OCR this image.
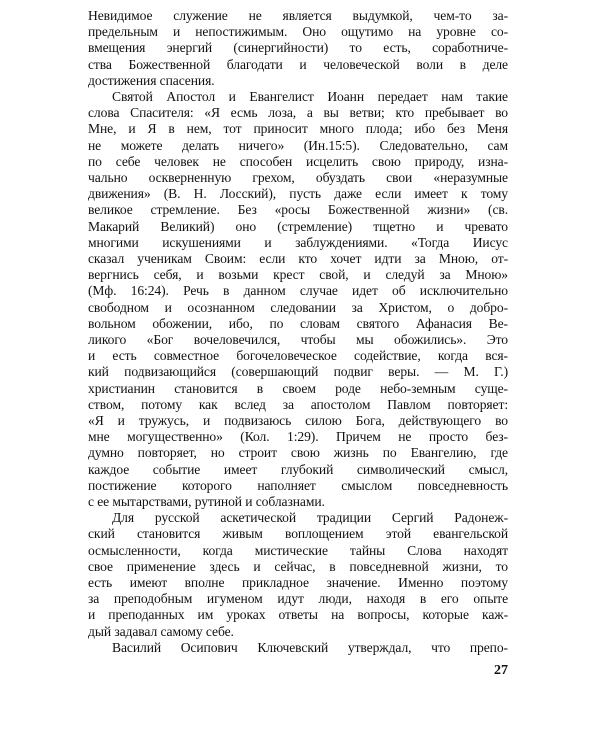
Невидимое служение не является выдумкой, чем-то за-
предельным и непостижимым. Оно ощутимо на уровне со-
вмещения энергий (синергийности) то есть, соработниче-
ства Божественной благодати и человеческой воли в деле
достижения спасения.
Святой Апостол и Евангелист Иоанн передает нам такие
слова Спасителя: «Я есмь лоза, а вы ветви; кто пребывает во
Мне, и Я в нем, тот приносит много плода; ибо без Меня
не можете делать ничего» (Ин.15:5). Следовательно, сам
по себе человек не способен исцелить свою природу, изна-
чально оскверненную грехом, обуздать свои «неразумные
движения» (В. Н. Лосский), пусть даже если имеет к тому
великое стремление. Без «росы Божественной жизни» (св.
Макарий Великий) оно (стремление) тщетно и чревато
многими искушениями и заблуждениями. «Тогда Иисус
сказал ученикам Своим: если кто хочет идти за Мною, от-
вергнись себя, и возьми крест свой, и следуй за Мною»
(Мф. 16:24). Речь в данном случае идет об исключительно
свободном и осознанном следовании за Христом, о добро-
вольном обожении, ибо, по словам святого Афанасия Ве-
ликого «Бог вочеловечился, чтобы мы обожились». Это
и есть совместное богочеловеческое содействие, когда вся-
кий подвизающийся (совершающий подвиг веры. — М. Г.)
христианин становится в своем роде небо-земным суще-
ством, потому как вслед за апостолом Павлом повторяет:
«Я и тружусь, и подвизаюсь силою Бога, действующего во
мне могущественно» (Кол. 1:29). Причем не просто без-
думно повторяет, но строит свою жизнь по Евангелию, где
каждое событие имеет глубокий символический смысл,
постижение которого наполняет смыслом повседневность
с ее мытарствами, рутиной и соблазнами.
Для русской аскетической традиции Сергий Радонеж-
ский становится живым воплощением этой евангельской
осмысленности, когда мистические тайны Слова находят
свое применение здесь и сейчас, в повседневной жизни, то
есть имеют вполне прикладное значение. Именно поэтому
за преподобным игуменом идут люди, находя в его опыте
и преподанных им уроках ответы на вопросы, которые каж-
дый задавал самому себе.
Василий Осипович Ключевский утверждал, что препо-
27
